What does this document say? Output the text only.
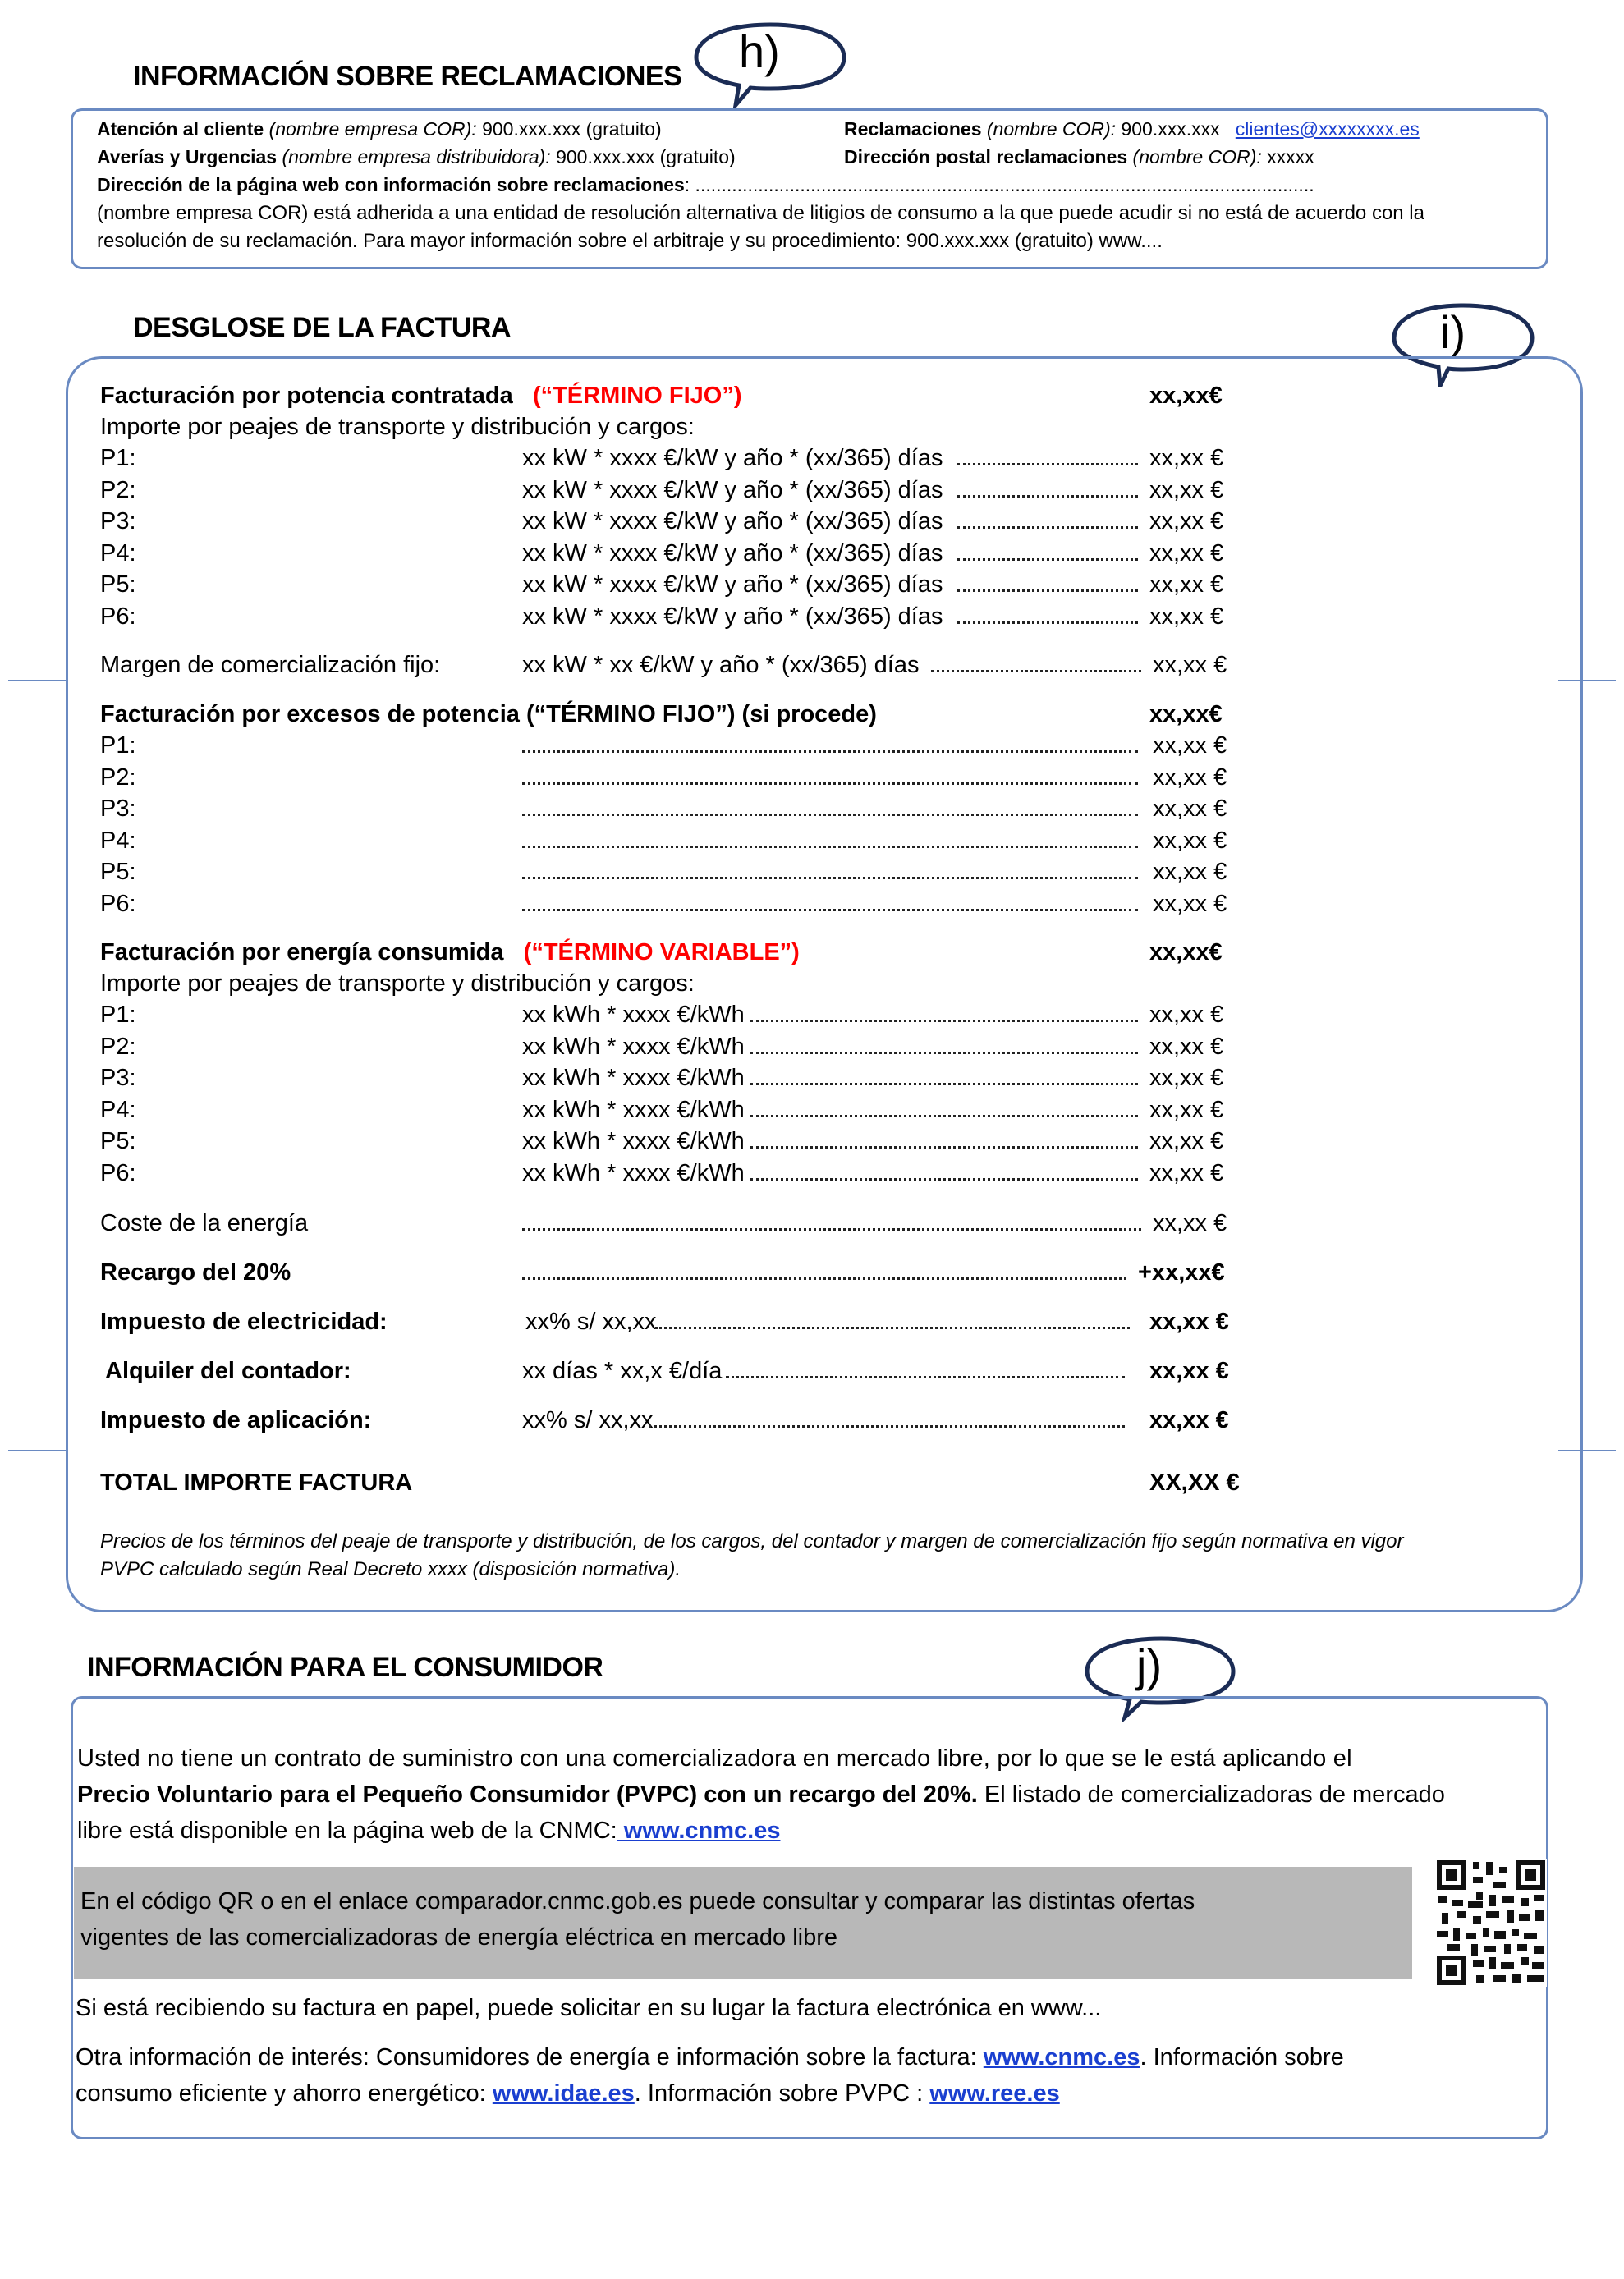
INFORMACIÓN SOBRE RECLAMACIONES h)
Atención al cliente (nombre empresa COR): 900.xxx.xxx (gratuito)	Reclamaciones (nombre COR): 900.xxx.xxx clientes@xxxxxxxx.es
Averías y Urgencias (nombre empresa distribuidora): 900.xxx.xxx (gratuito)	Dirección postal reclamaciones (nombre COR): xxxxx
Dirección de la página web con información sobre reclamaciones: ......................................................................................................................
(nombre empresa COR) está adherida a una entidad de resolución alternativa de litigios de consumo a la que puede acudir si no está de acuerdo con la
resolución de su reclamación. Para mayor información sobre el arbitraje y su procedimiento: 900.xxx.xxx (gratuito) www....
DESGLOSE DE LA FACTURA	i)
Facturación por potencia contratada (“TÉRMINO FIJO”)	xx,xx€
Importe por peajes de transporte y distribución y cargos:
P1:	xx kW * xxxx €/kW y año * (xx/365) días	xx,xx €
P2:	xx kW * xxxx €/kW y año * (xx/365) días	xx,xx €
P3:	xx kW * xxxx €/kW y año * (xx/365) días	xx,xx €
P4:	xx kW * xxxx €/kW y año * (xx/365) días	xx,xx €
P5:	xx kW * xxxx €/kW y año * (xx/365) días	xx,xx €
P6:	xx kW * xxxx €/kW y año * (xx/365) días	xx,xx €
Margen de comercialización fijo:	xx kW * xx €/kW y año * (xx/365) días	xx,xx €
Facturación por excesos de potencia (“TÉRMINO FIJO”) (si procede)	xx,xx€
P1:	xx,xx €
P2:	xx,xx €
P3:	xx,xx €
P4:	xx,xx €
P5:	xx,xx €
P6:	xx,xx €
Facturación por energía consumida (“TÉRMINO VARIABLE”)	xx,xx€
Importe por peajes de transporte y distribución y cargos:
P1:	xx kWh * xxxx €/kWh	xx,xx €
P2:	xx kWh * xxxx €/kWh	xx,xx €
P3:	xx kWh * xxxx €/kWh	xx,xx €
P4:	xx kWh * xxxx €/kWh	xx,xx €
P5:	xx kWh * xxxx €/kWh	xx,xx €
P6:	xx kWh * xxxx €/kWh	xx,xx €
Coste de la energía	xx,xx €
Recargo del 20%	+xx,xx€
Impuesto de electricidad:	xx% s/ xx,xx	xx,xx €
Alquiler del contador:	xx días * xx,x €/día	xx,xx €
Impuesto de aplicación:	xx% s/ xx,xx	xx,xx €
TOTAL IMPORTE FACTURA	XX,XX €
Precios de los términos del peaje de transporte y distribución, de los cargos, del contador y margen de comercialización fijo según normativa en vigor
PVPC calculado según Real Decreto xxxx (disposición normativa).
INFORMACIÓN PARA EL CONSUMIDOR	j)
Usted no tiene un contrato de suministro con una comercializadora en mercado libre, por lo que se le está aplicando el
Precio Voluntario para el Pequeño Consumidor (PVPC) con un recargo del 20%. El listado de comercializadoras de mercado
libre está disponible en la página web de la CNMC: www.cnmc.es
En el código QR o en el enlace comparador.cnmc.gob.es puede consultar y comparar las distintas ofertas
vigentes de las comercializadoras de energía eléctrica en mercado libre
Si está recibiendo su factura en papel, puede solicitar en su lugar la factura electrónica en www...
Otra información de interés: Consumidores de energía e información sobre la factura: www.cnmc.es. Información sobre
consumo eficiente y ahorro energético: www.idae.es. Información sobre PVPC : www.ree.es
